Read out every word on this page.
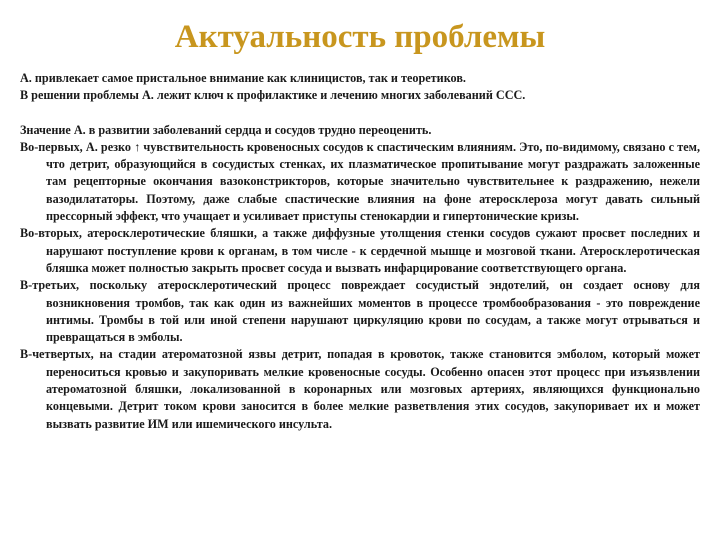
Актуальность проблемы

А. привлекает самое пристальное внимание как клиницистов, так и теоретиков.

В решении проблемы А. лежит ключ к профилактике и лечению многих заболеваний ССС.

Значение А. в развитии заболеваний сердца и сосудов трудно переоценить.

Во-первых, А. резко ↑ чувствительность кровеносных сосудов к спастическим влияниям. Это, по-видимому, связано с тем, что детрит, образующийся в сосудистых стенках, их плазматическое пропитывание могут раздражать заложенные там рецепторные окончания вазоконстрикторов, которые значительно чувствительнее к раздражению, нежели вазодилататоры. Поэтому, даже слабые спастические влияния на фоне атеросклероза могут давать сильный прессорный эффект, что учащает и усиливает приступы стенокардии и гипертонические кризы.

Во-вторых, атеросклеротические бляшки, а также диффузные утолщения стенки сосудов сужают просвет последних и нарушают поступление крови к органам, в том числе - к сердечной мышце и мозговой ткани. Атеросклеротическая бляшка может полностью закрыть просвет сосуда и вызвать инфарцирование соответствующего органа.

В-третьих, поскольку атеросклеротический процесс повреждает сосудистый эндотелий, он создает основу для возникновения тромбов, так как один из важнейших моментов в процессе тромбообразования - это повреждение интимы. Тромбы в той или иной степени нарушают циркуляцию крови по сосудам, а также могут отрываться и превращаться в эмболы.

В-четвертых, на стадии атероматозной язвы детрит, попадая в кровоток, также становится эмболом, который может переноситься кровью и закупоривать мелкие кровеносные сосуды. Особенно опасен этот процесс при изъязвлении атероматозной бляшки, локализованной в коронарных или мозговых артериях, являющихся функционально концевыми. Детрит током крови заносится в более мелкие разветвления этих сосудов, закупоривает их и может вызвать развитие ИМ или ишемического инсульта.
